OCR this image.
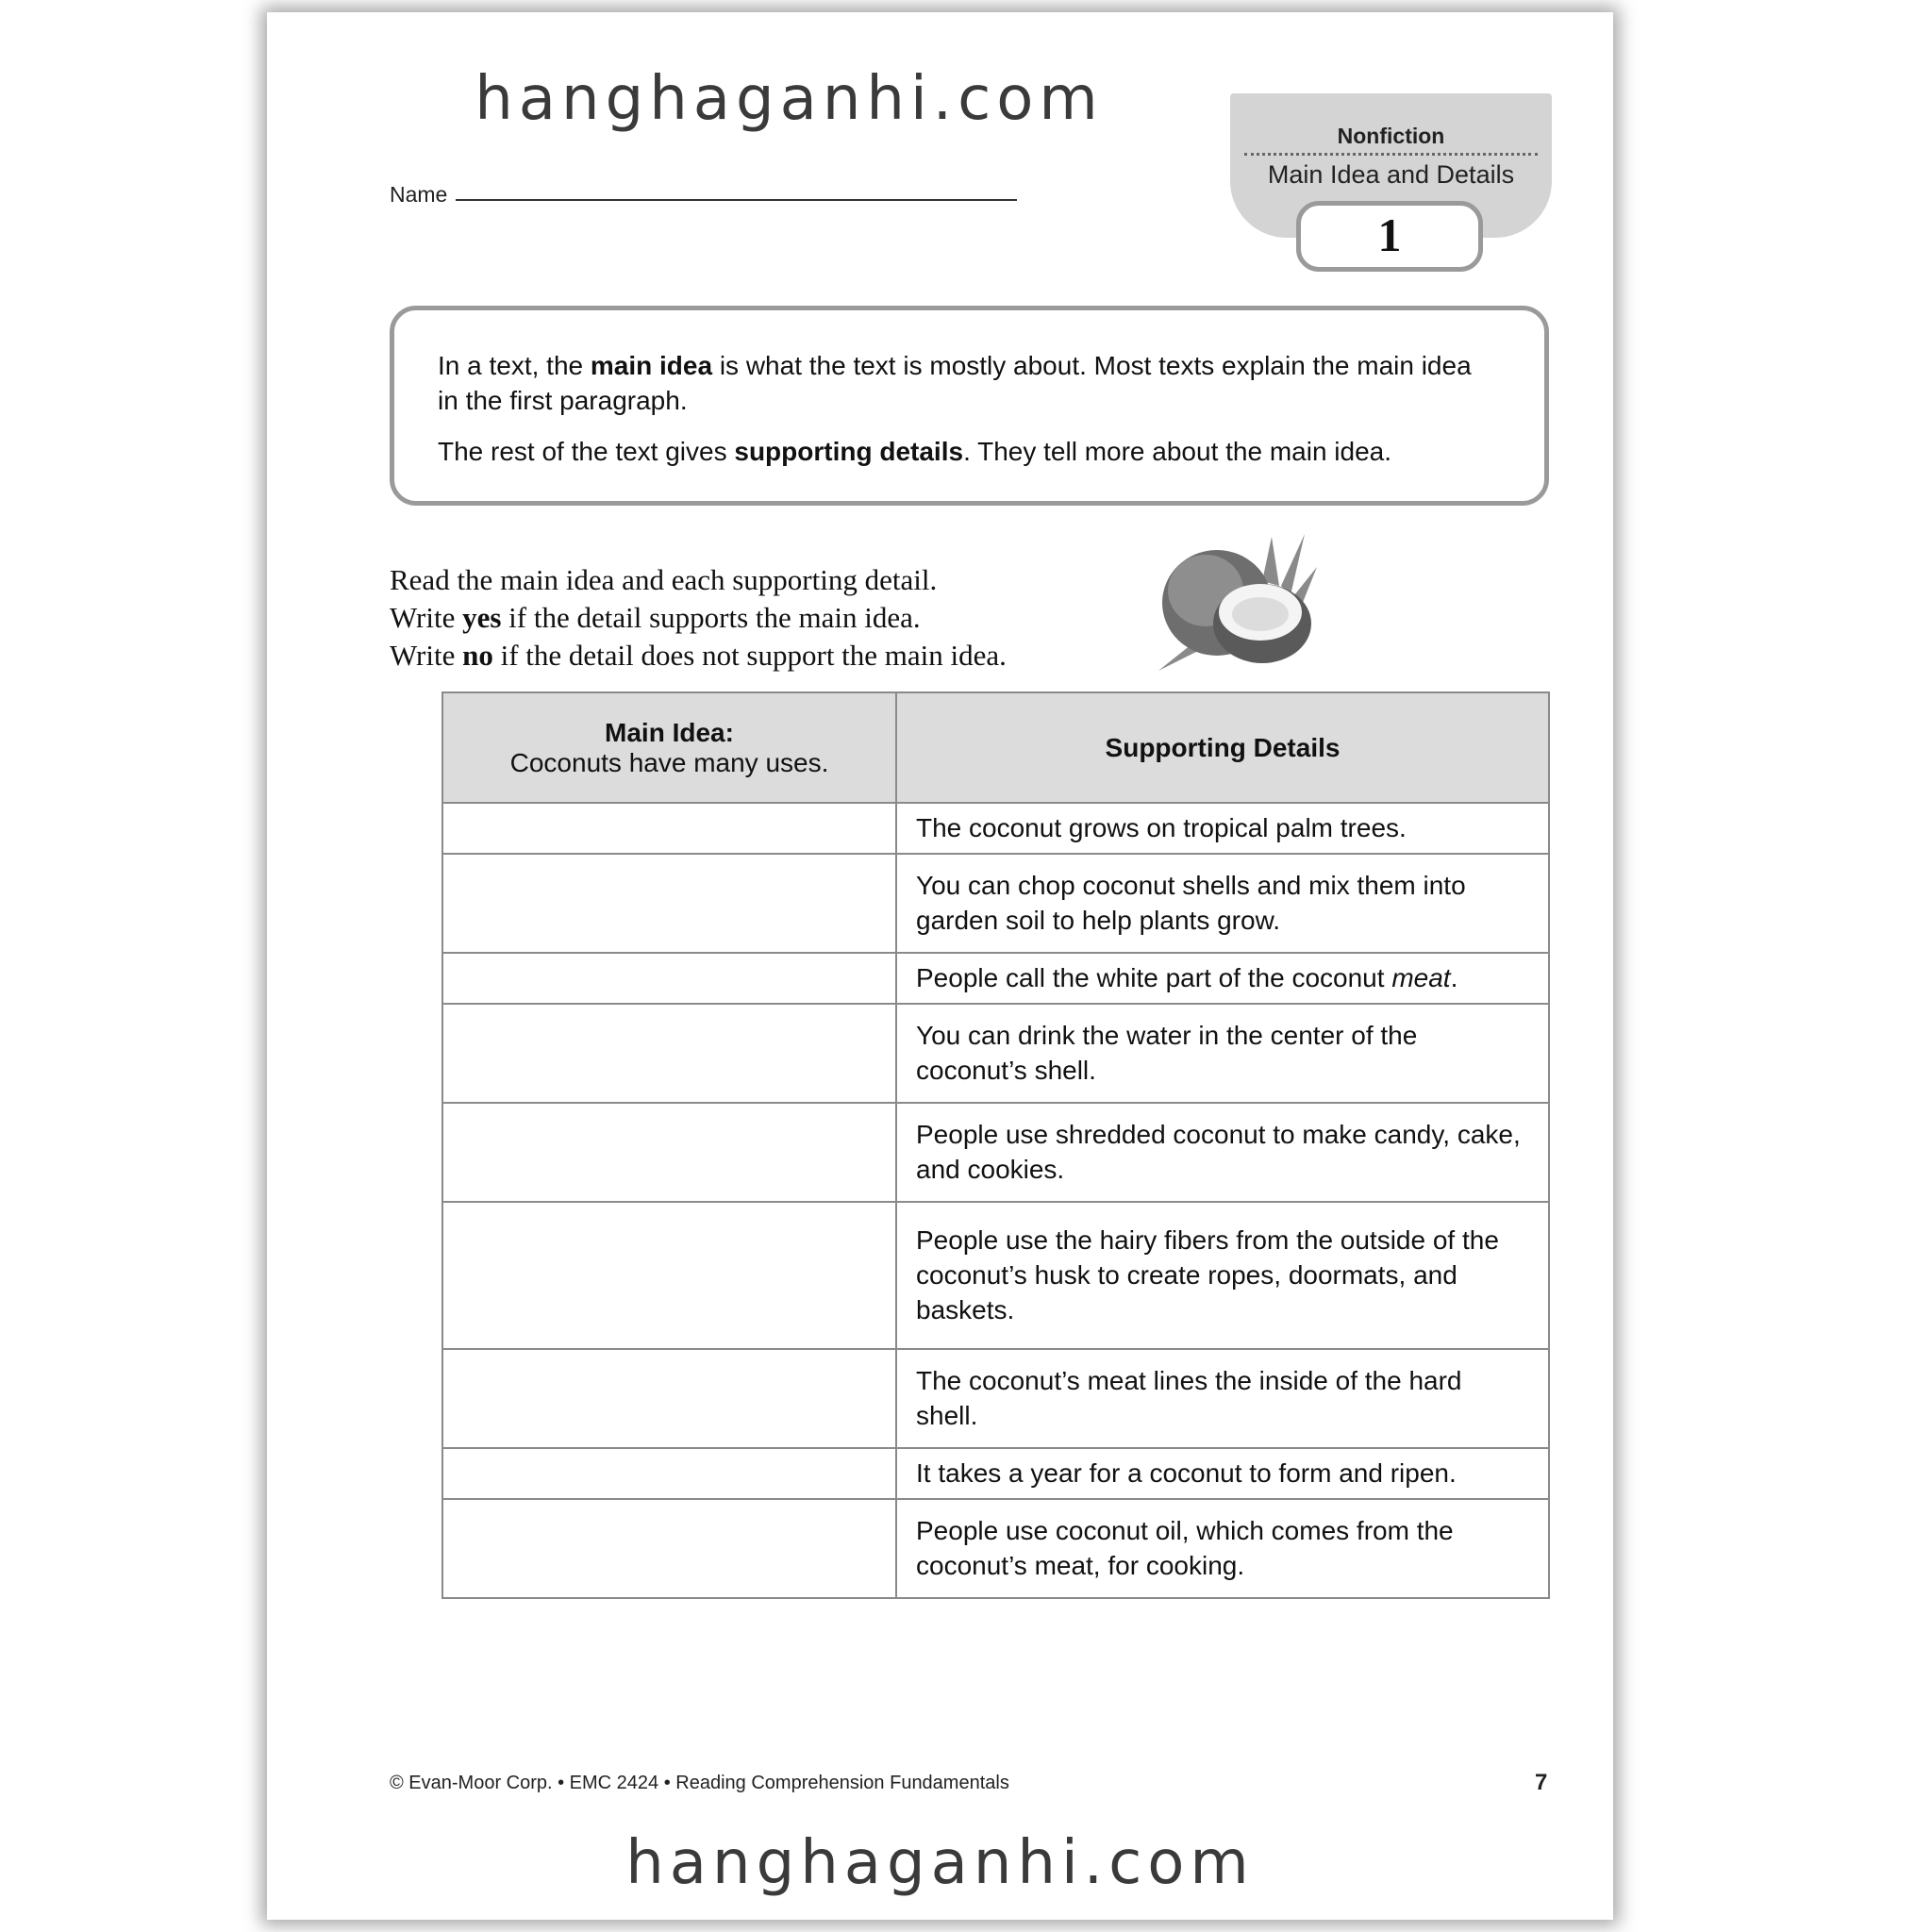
hanghaganhi.com
Name
Nonfiction
Main Idea and Details
1

In a text, the main idea is what the text is mostly about. Most texts explain the main idea in the first paragraph.

The rest of the text gives supporting details. They tell more about the main idea.

Read the main idea and each supporting detail.
Write yes if the detail supports the main idea.
Write no if the detail does not support the main idea.
Main Idea:
Coconuts have many uses.	Supporting Details
	The coconut grows on tropical palm trees.
	You can chop coconut shells and mix them into garden soil to help plants grow.
	People call the white part of the coconut meat.
	You can drink the water in the center of the coconut’s shell.
	People use shredded coconut to make candy, cake, and cookies.
	People use the hairy fibers from the outside of the coconut’s husk to create ropes, doormats, and baskets.
	The coconut’s meat lines the inside of the hard shell.
	It takes a year for a coconut to form and ripen.
	People use coconut oil, which comes from the coconut’s meat, for cooking.
© Evan-Moor Corp. • EMC 2424 • Reading Comprehension Fundamentals	7
hanghaganhi.com
